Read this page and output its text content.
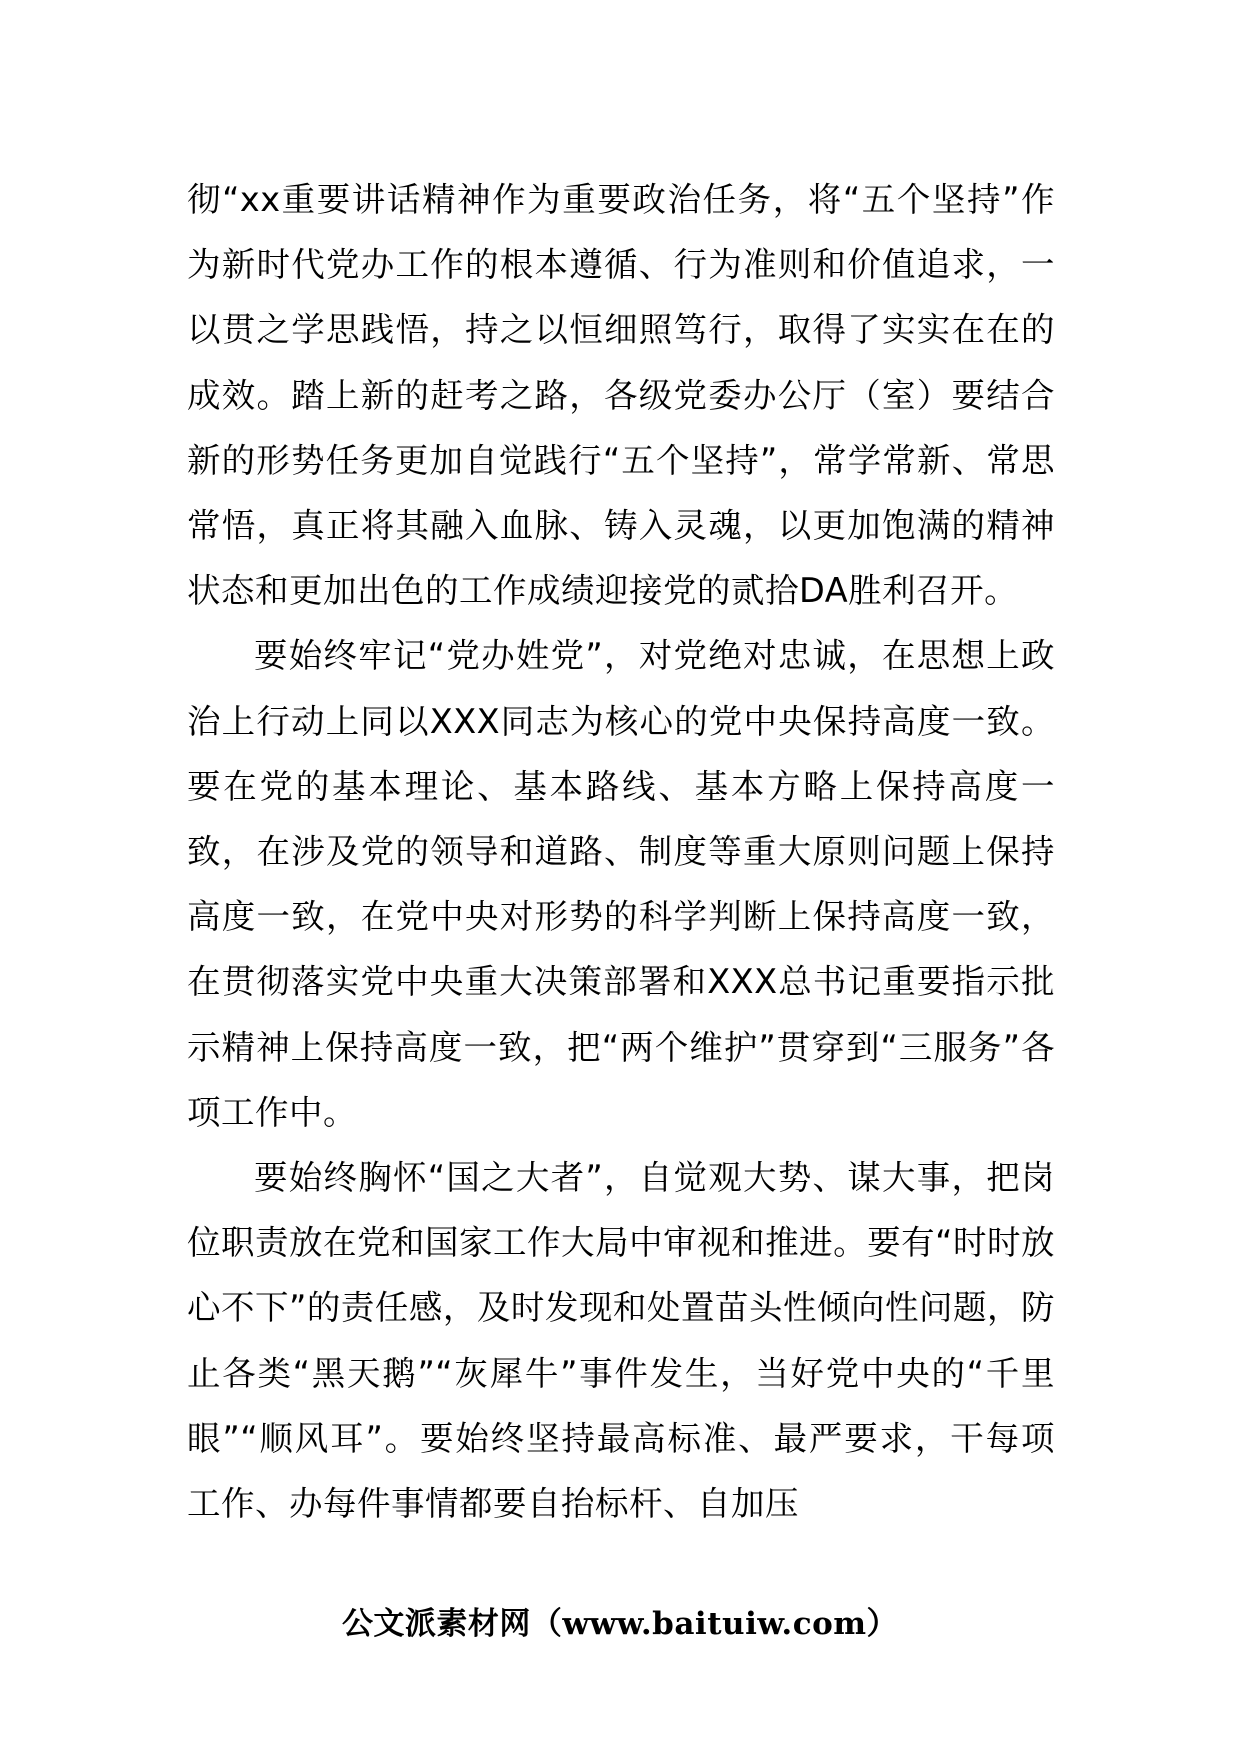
彻“xx重要讲话精神作为重要政治任务，将“五个坚持”作为新时代党办工作的根本遵循、行为准则和价值追求，一以贯之学思践悟，持之以恒细照笃行，取得了实实在在的成效。踏上新的赶考之路，各级党委办公厅（室）要结合新的形势任务更加自觉践行“五个坚持”，常学常新、常思常悟，真正将其融入血脉、铸入灵魂，以更加饱满的精神状态和更加出色的工作成绩迎接党的贰拾DA胜利召开。

要始终牢记“党办姓党”，对党绝对忠诚，在思想上政治上行动上同以XXX同志为核心的党中央保持高度一致。要在党的基本理论、基本路线、基本方略上保持高度一致，在涉及党的领导和道路、制度等重大原则问题上保持高度一致，在党中央对形势的科学判断上保持高度一致，在贯彻落实党中央重大决策部署和XXX总书记重要指示批示精神上保持高度一致，把“两个维护”贯穿到“三服务”各项工作中。

要始终胸怀“国之大者”，自觉观大势、谋大事，把岗位职责放在党和国家工作大局中审视和推进。要有“时时放心不下”的责任感，及时发现和处置苗头性倾向性问题，防止各类“黑天鹅”“灰犀牛”事件发生，当好党中央的“千里眼”“顺风耳”。要始终坚持最高标准、最严要求，干每项工作、办每件事情都要自抬标杆、自加压

公文派素材网（www.baituiw.com）
